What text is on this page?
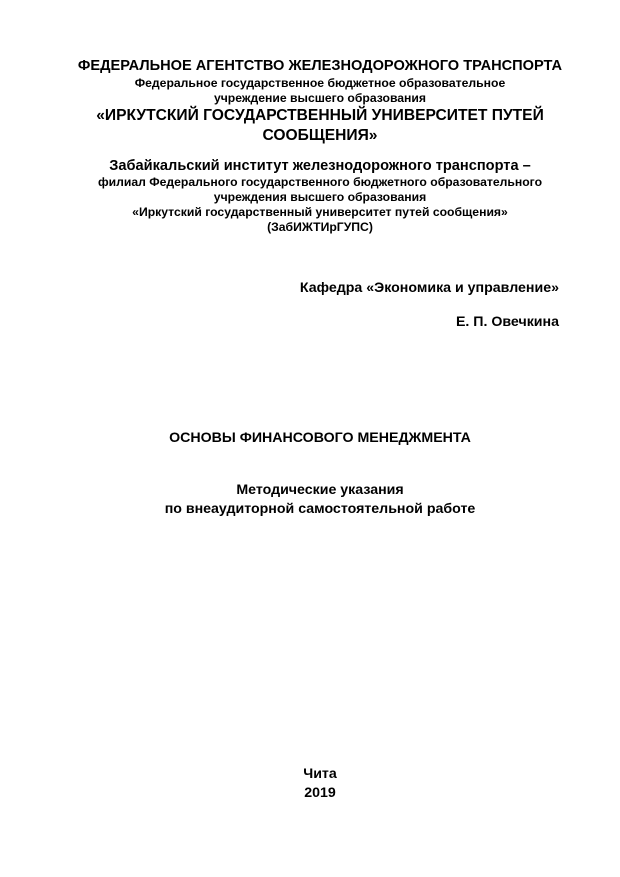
ФЕДЕРАЛЬНОЕ АГЕНТСТВО ЖЕЛЕЗНОДОРОЖНОГО ТРАНСПОРТА
Федеральное государственное бюджетное образовательное
учреждение высшего образования
«ИРКУТСКИЙ ГОСУДАРСТВЕННЫЙ УНИВЕРСИТЕТ ПУТЕЙ
СООБЩЕНИЯ»
Забайкальский институт железнодорожного транспорта –
филиал Федерального государственного бюджетного образовательного
учреждения высшего образования
«Иркутский государственный университет путей сообщения»
(ЗабИЖТИрГУПС)
Кафедра «Экономика и управление»
Е. П. Овечкина
ОСНОВЫ ФИНАНСОВОГО МЕНЕДЖМЕНТА
Методические указания
по внеаудиторной самостоятельной работе
Чита
2019
